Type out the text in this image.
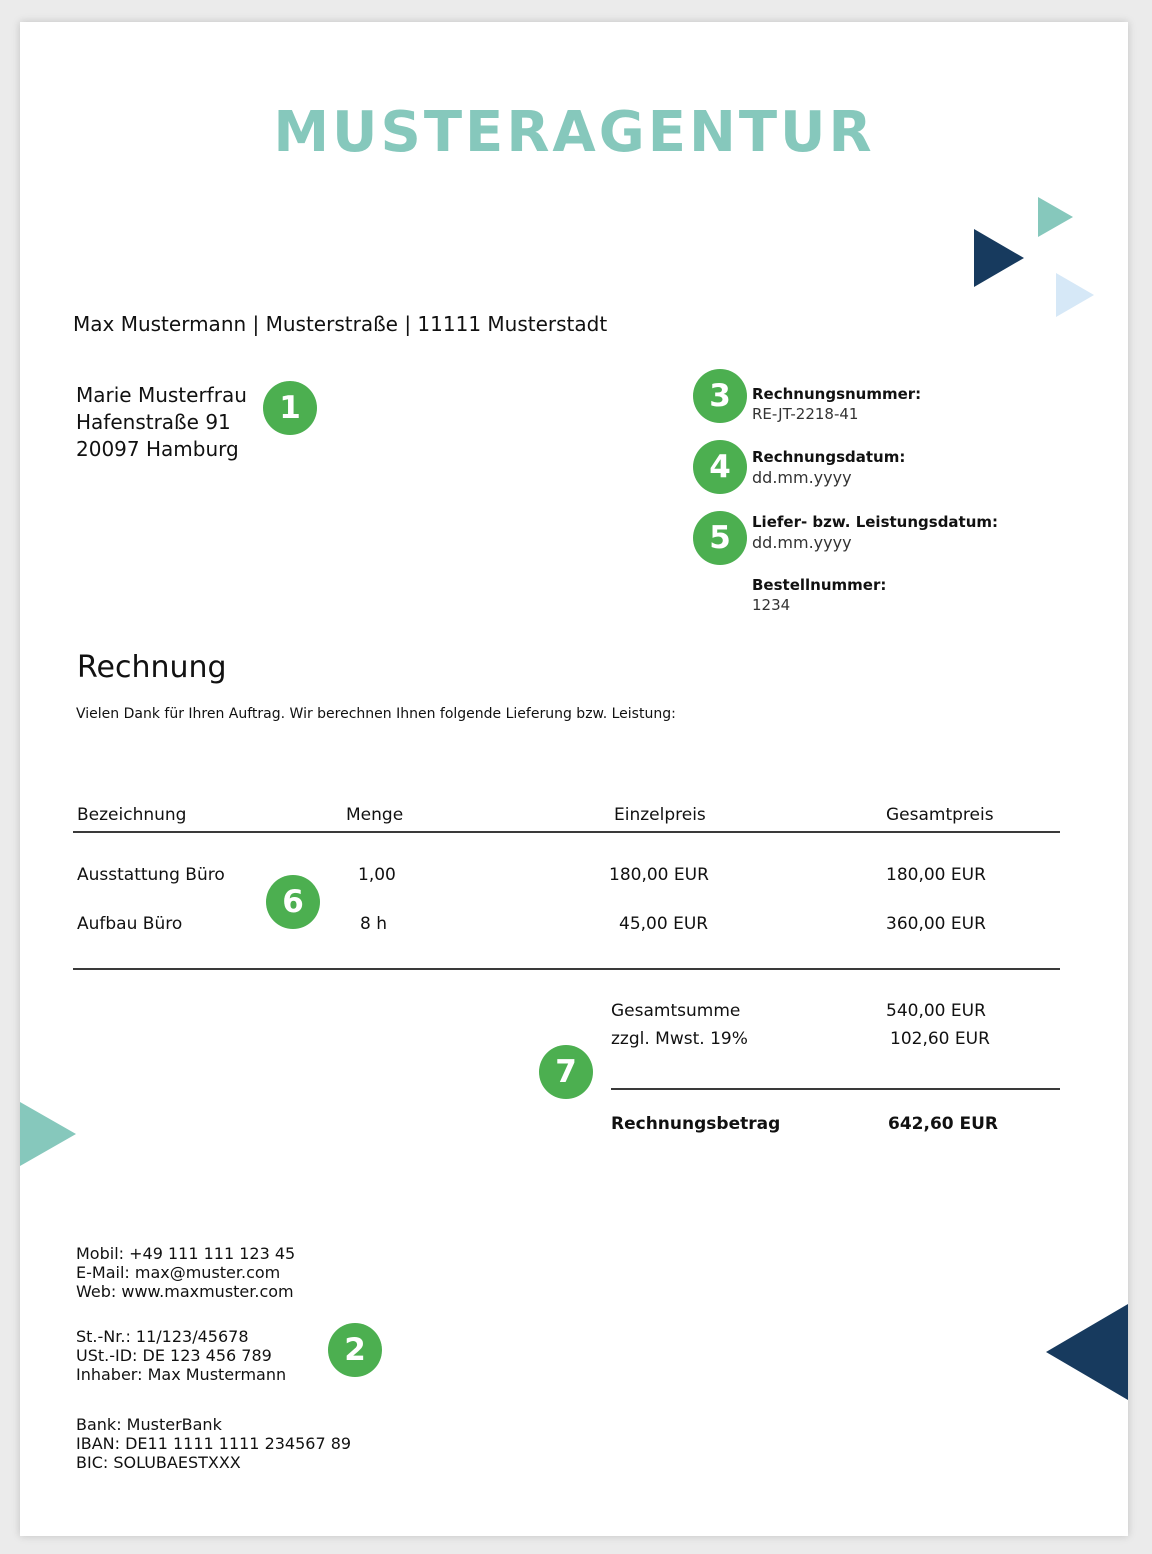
MUSTERAGENTUR
Max Mustermann | Musterstraße | 11111 Musterstadt
Marie Musterfrau
Hafenstraße 91
20097 Hamburg
1	3	Rechnungsnummer:
RE-JT-2218-41
4	Rechnungsdatum:
dd.mm.yyyy
5	Liefer- bzw. Leistungsdatum:
dd.mm.yyyy
Bestellnummer:
1234
Rechnung
Vielen Dank für Ihren Auftrag. Wir berechnen Ihnen folgende Lieferung bzw. Leistung:
Bezeichnung	Menge	Einzelpreis	Gesamtpreis
Ausstattung Büro	1,00	180,00 EUR	180,00 EUR
Aufbau Büro	8 h	45,00 EUR	360,00 EUR
6
Gesamtsumme	540,00 EUR
zzgl. Mwst. 19%	102,60 EUR
7
Rechnungsbetrag	642,60 EUR
Mobil: +49 111 111 123 45
E-Mail: max@muster.com
Web: www.maxmuster.com
St.-Nr.: 11/123/45678
USt.-ID: DE 123 456 789
Inhaber: Max Mustermann
2
Bank: MusterBank
IBAN: DE11 1111 1111 234567 89
BIC: SOLUBAESTXXX
